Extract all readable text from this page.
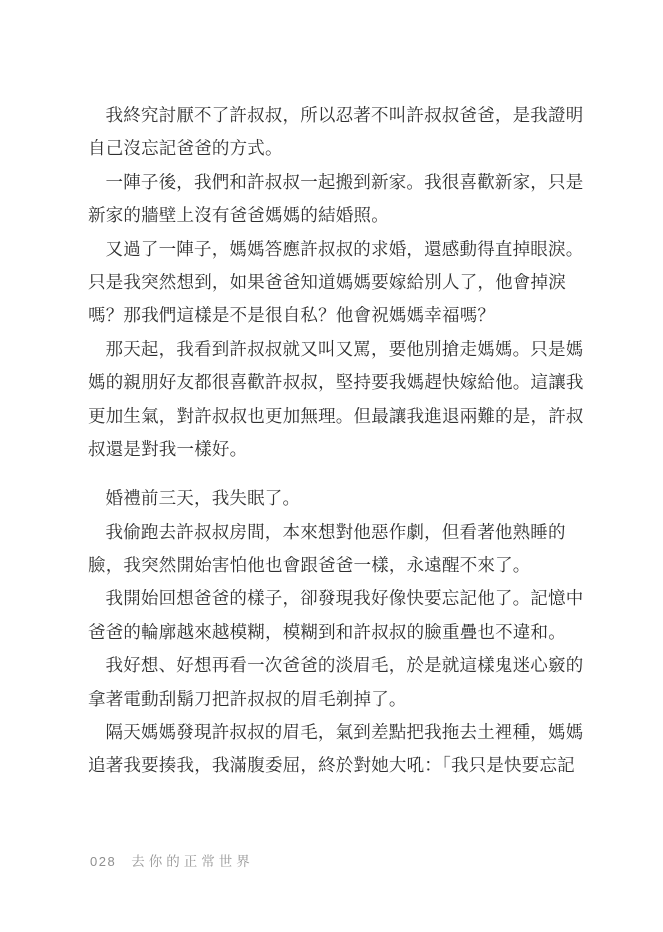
我終究討厭不了許叔叔，所以忍著不叫許叔叔爸爸，是我證明
自己沒忘記爸爸的方式。
一陣子後，我們和許叔叔一起搬到新家。我很喜歡新家，只是
新家的牆壁上沒有爸爸媽媽的結婚照。
又過了一陣子，媽媽答應許叔叔的求婚，還感動得直掉眼淚。
只是我突然想到，如果爸爸知道媽媽要嫁給別人了，他會掉淚
嗎？那我們這樣是不是很自私？他會祝媽媽幸福嗎？
那天起，我看到許叔叔就又叫又罵，要他別搶走媽媽。只是媽
媽的親朋好友都很喜歡許叔叔，堅持要我媽趕快嫁給他。這讓我
更加生氣，對許叔叔也更加無理。但最讓我進退兩難的是，許叔
叔還是對我一樣好。
婚禮前三天，我失眠了。
我偷跑去許叔叔房間，本來想對他惡作劇，但看著他熟睡的
臉，我突然開始害怕他也會跟爸爸一樣，永遠醒不來了。
我開始回想爸爸的樣子，卻發現我好像快要忘記他了。記憶中
爸爸的輪廓越來越模糊，模糊到和許叔叔的臉重疊也不違和。
我好想、好想再看一次爸爸的淡眉毛，於是就這樣鬼迷心竅的
拿著電動刮鬍刀把許叔叔的眉毛剃掉了。
隔天媽媽發現許叔叔的眉毛，氣到差點把我拖去土裡種，媽媽
追著我要揍我，我滿腹委屈，終於對她大吼：「我只是快要忘記
028 去你的正常世界
